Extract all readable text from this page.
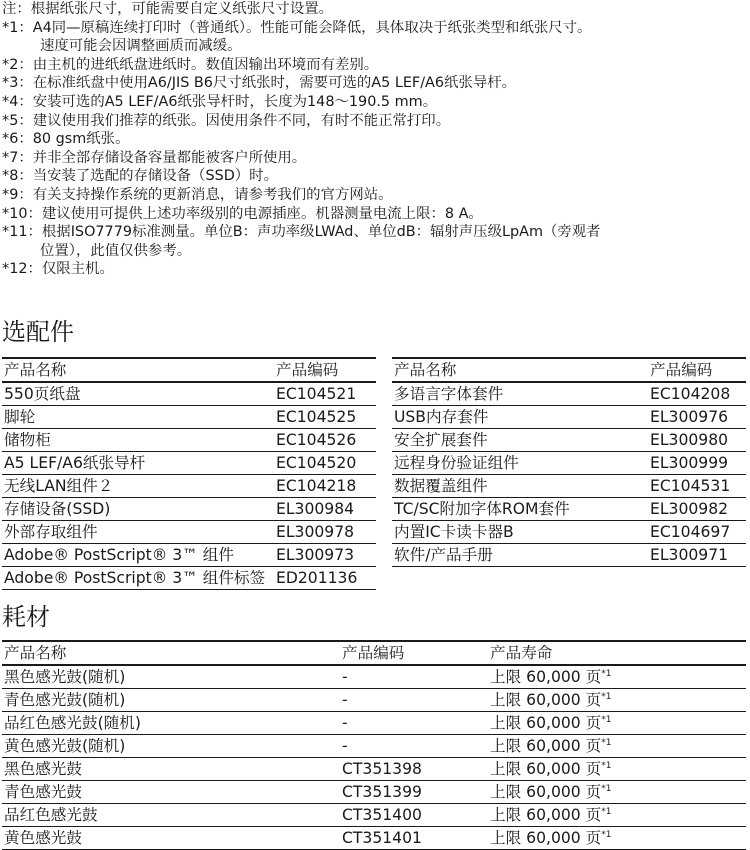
注：根据纸张尺寸，可能需要自定义纸张尺寸设置。
*1： A4同—原稿连续打印时（普通纸）。性能可能会降低，具体取决于纸张类型和纸张尺寸。
速度可能会因调整画质而减缓。
*2： 由主机的进纸纸盘进纸时。数值因输出环境而有差别。
*3： 在标准纸盘中使用A6/JIS B6尺寸纸张时，需要可选的A5 LEF/A6纸张导杆。
*4： 安装可选的A5 LEF/A6纸张导杆时，长度为148～190.5 mm。
*5： 建议使用我们推荐的纸张。因使用条件不同，有时不能正常打印。
*6： 80 gsm纸张。
*7： 并非全部存储设备容量都能被客户所使用。
*8： 当安装了选配的存储设备（SSD）时。
*9： 有关支持操作系统的更新消息，请参考我们的官方网站。
*10： 建议使用可提供上述功率级别的电源插座。机器测量电流上限：8 A。
*11： 根据ISO7779标准测量。单位B：声功率级LWAd、单位dB：辐射声压级LpAm（旁观者
位置），此值仅供参考。
*12： 仅限主机。
选配件
产品名称	产品编码
550页纸盘	EC104521
脚轮	EC104525
储物柜	EC104526
A5 LEF/A6纸张导杆	EC104520
无线LAN组件２	EC104218
存储设备(SSD)	EL300984
外部存取组件	EL300978
Adobe® PostScript® 3™ 组件	EL300973
Adobe® PostScript® 3™ 组件标签	ED201136
产品名称	产品编码
多语言字体套件	EC104208
USB内存套件	EL300976
安全扩展套件	EL300980
远程身份验证组件	EL300999
数据覆盖组件	EC104531
TC/SC附加字体ROM套件	EL300982
内置IC卡读卡器B	EC104697
软件/产品手册	EL300971
耗材
产品名称	产品编码	产品寿命
黑色感光鼓(随机)	-	上限 60,000 页$^{*1}$
青色感光鼓(随机)	-	上限 60,000 页$^{*1}$
品红色感光鼓(随机)	-	上限 60,000 页$^{*1}$
黄色感光鼓(随机)	-	上限 60,000 页$^{*1}$
黑色感光鼓	CT351398	上限 60,000 页$^{*1}$
青色感光鼓	CT351399	上限 60,000 页$^{*1}$
品红色感光鼓	CT351400	上限 60,000 页$^{*1}$
黄色感光鼓	CT351401	上限 60,000 页$^{*1}$
